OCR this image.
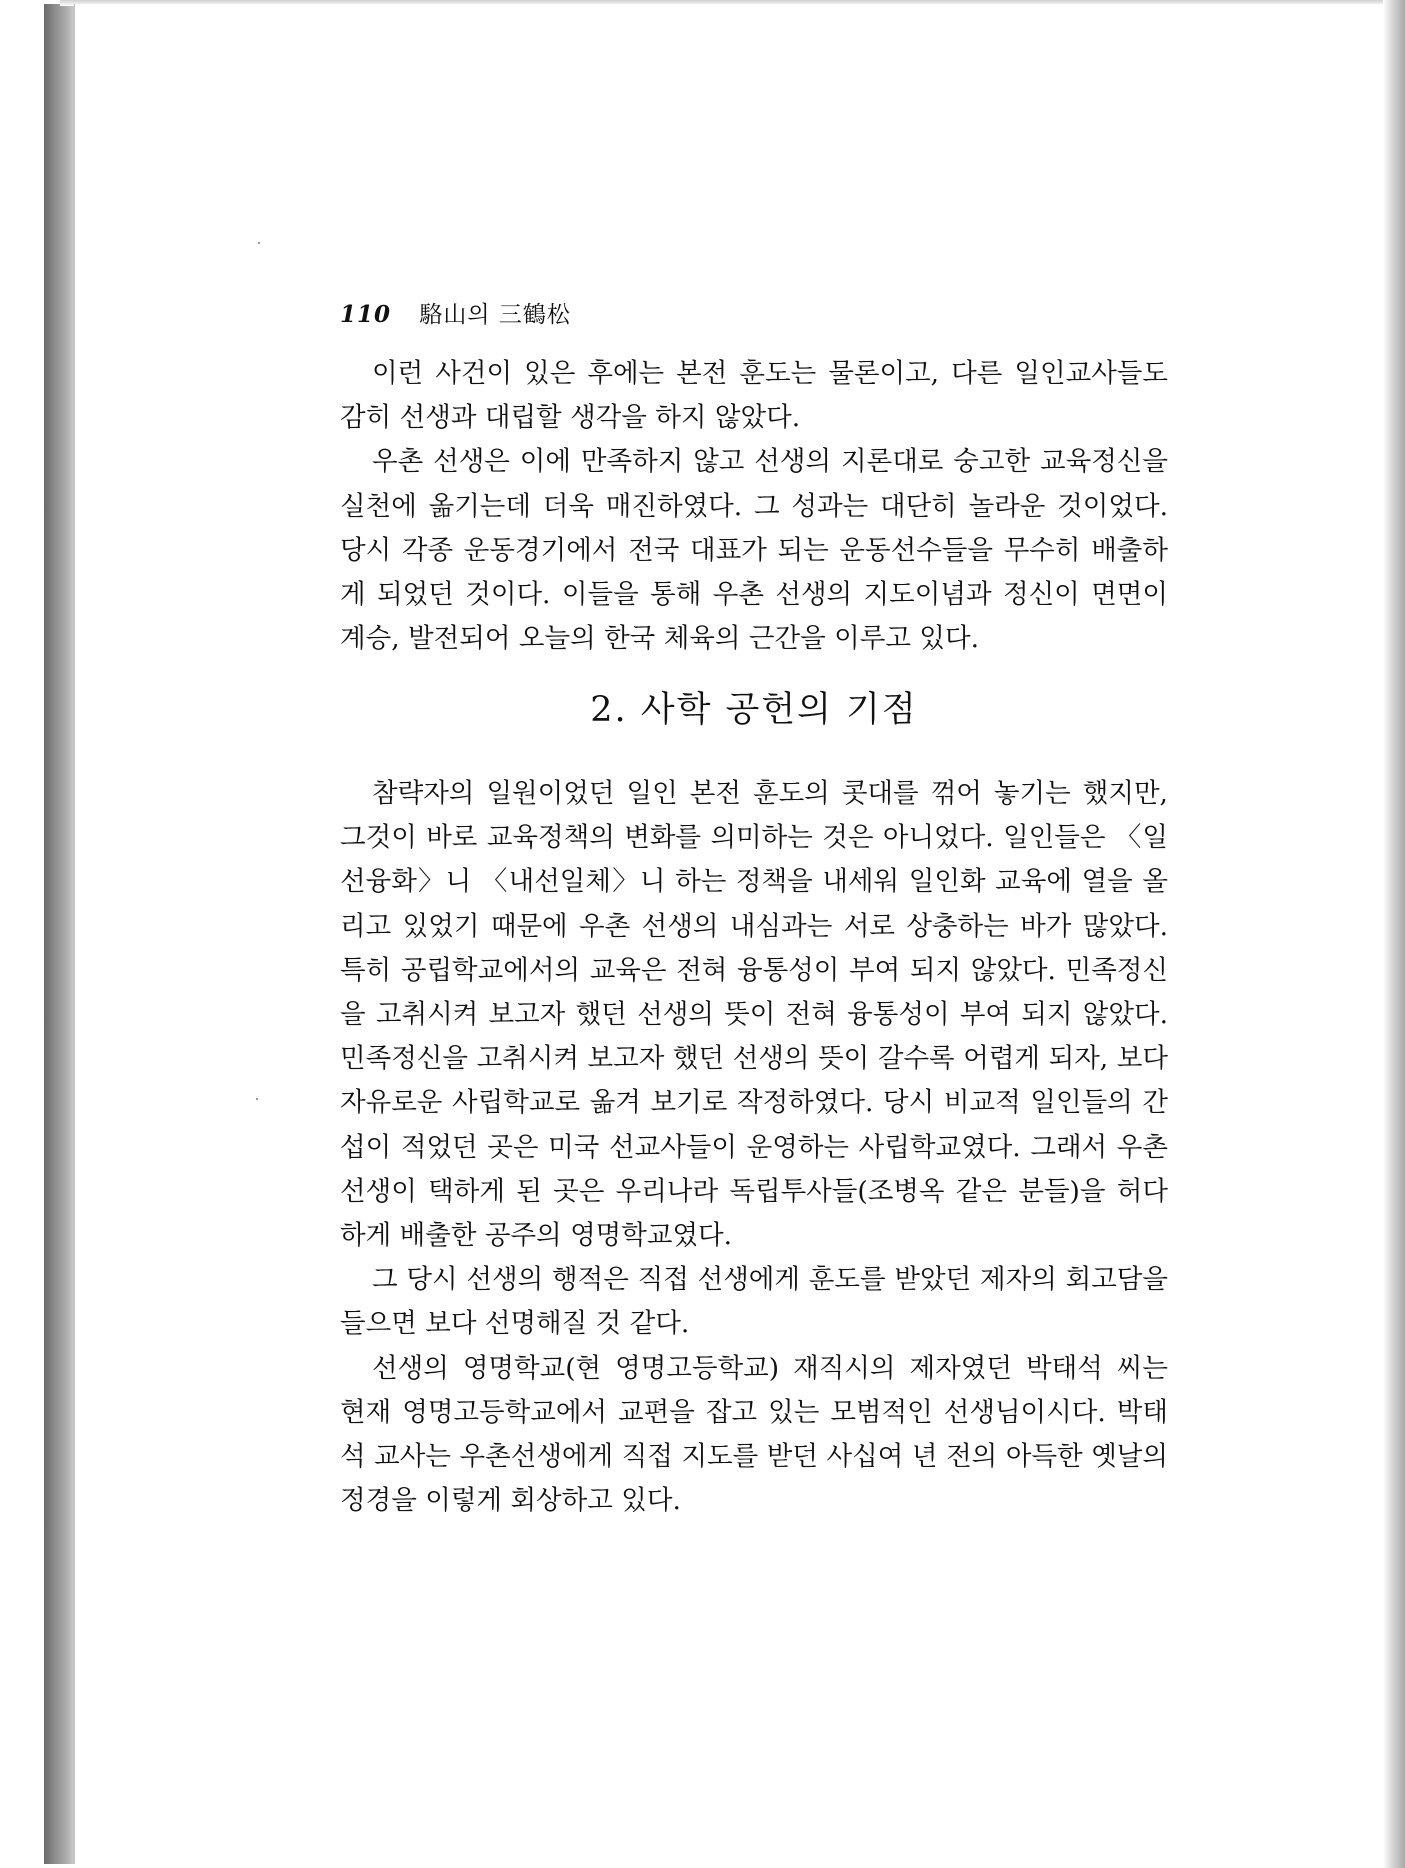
110 駱山의 三鶴松

이런 사건이 있은 후에는 본전 훈도는 물론이고, 다른 일인교사들도 감히 선생과 대립할 생각을 하지 않았다.

우촌 선생은 이에 만족하지 않고 선생의 지론대로 숭고한 교육정신을 실천에 옮기는데 더욱 매진하였다. 그 성과는 대단히 놀라운 것이었다. 당시 각종 운동경기에서 전국 대표가 되는 운동선수들을 무수히 배출하게 되었던 것이다. 이들을 통해 우촌 선생의 지도이념과 정신이 면면이 계승, 발전되어 오늘의 한국 체육의 근간을 이루고 있다.

2. 사학 공헌의 기점

참략자의 일원이었던 일인 본전 훈도의 콧대를 꺾어 놓기는 했지만, 그것이 바로 교육정책의 변화를 의미하는 것은 아니었다. 일인들은 〈일선융화〉니 〈내선일체〉니 하는 정책을 내세워 일인화 교육에 열을 올리고 있었기 때문에 우촌 선생의 내심과는 서로 상충하는 바가 많았다. 특히 공립학교에서의 교육은 전혀 융통성이 부여 되지 않았다. 민족정신을 고취시켜 보고자 했던 선생의 뜻이 전혀 융통성이 부여 되지 않았다. 민족정신을 고취시켜 보고자 했던 선생의 뜻이 갈수록 어렵게 되자, 보다 자유로운 사립학교로 옮겨 보기로 작정하였다. 당시 비교적 일인들의 간섭이 적었던 곳은 미국 선교사들이 운영하는 사립학교였다. 그래서 우촌 선생이 택하게 된 곳은 우리나라 독립투사들(조병옥 같은 분들)을 허다하게 배출한 공주의 영명학교였다.

그 당시 선생의 행적은 직접 선생에게 훈도를 받았던 제자의 회고담을 들으면 보다 선명해질 것 같다.

선생의 영명학교(현 영명고등학교) 재직시의 제자였던 박태석 씨는 현재 영명고등학교에서 교편을 잡고 있는 모범적인 선생님이시다. 박태석 교사는 우촌선생에게 직접 지도를 받던 사십여 년 전의 아득한 옛날의 정경을 이렇게 회상하고 있다.
